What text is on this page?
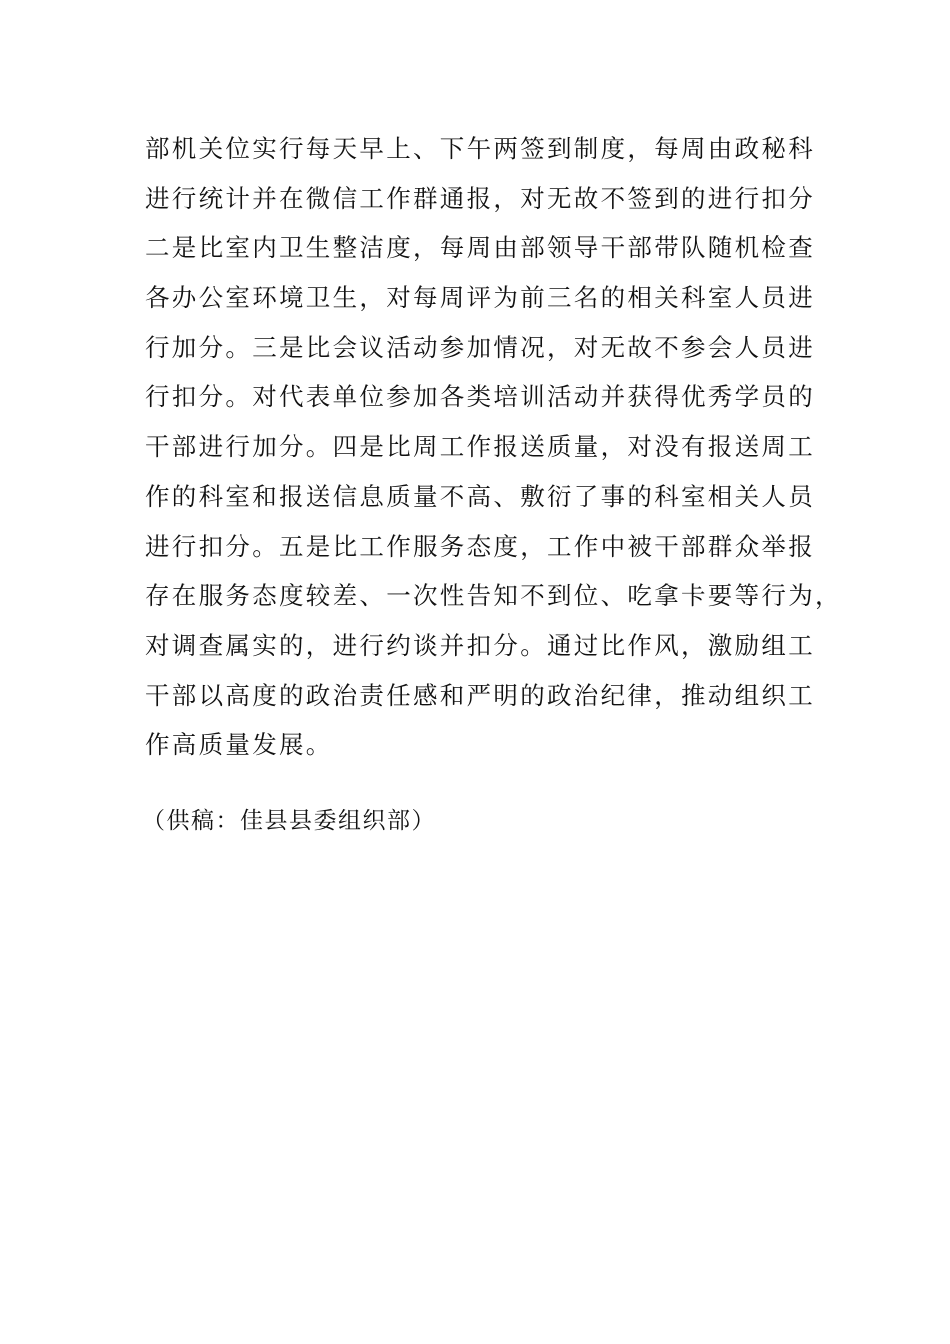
部机关位实行每天早上、下午两签到制度，每周由政秘科
进行统计并在微信工作群通报，对无故不签到的进行扣分
二是比室内卫生整洁度，每周由部领导干部带队随机检查
各办公室环境卫生，对每周评为前三名的相关科室人员进
行加分。三是比会议活动参加情况，对无故不参会人员进
行扣分。对代表单位参加各类培训活动并获得优秀学员的
干部进行加分。四是比周工作报送质量，对没有报送周工
作的科室和报送信息质量不高、敷衍了事的科室相关人员
进行扣分。五是比工作服务态度，工作中被干部群众举报
存在服务态度较差、一次性告知不到位、吃拿卡要等行为，
对调查属实的，进行约谈并扣分。通过比作风，激励组工
干部以高度的政治责任感和严明的政治纪律，推动组织工
作高质量发展。

（供稿：佳县县委组织部）
